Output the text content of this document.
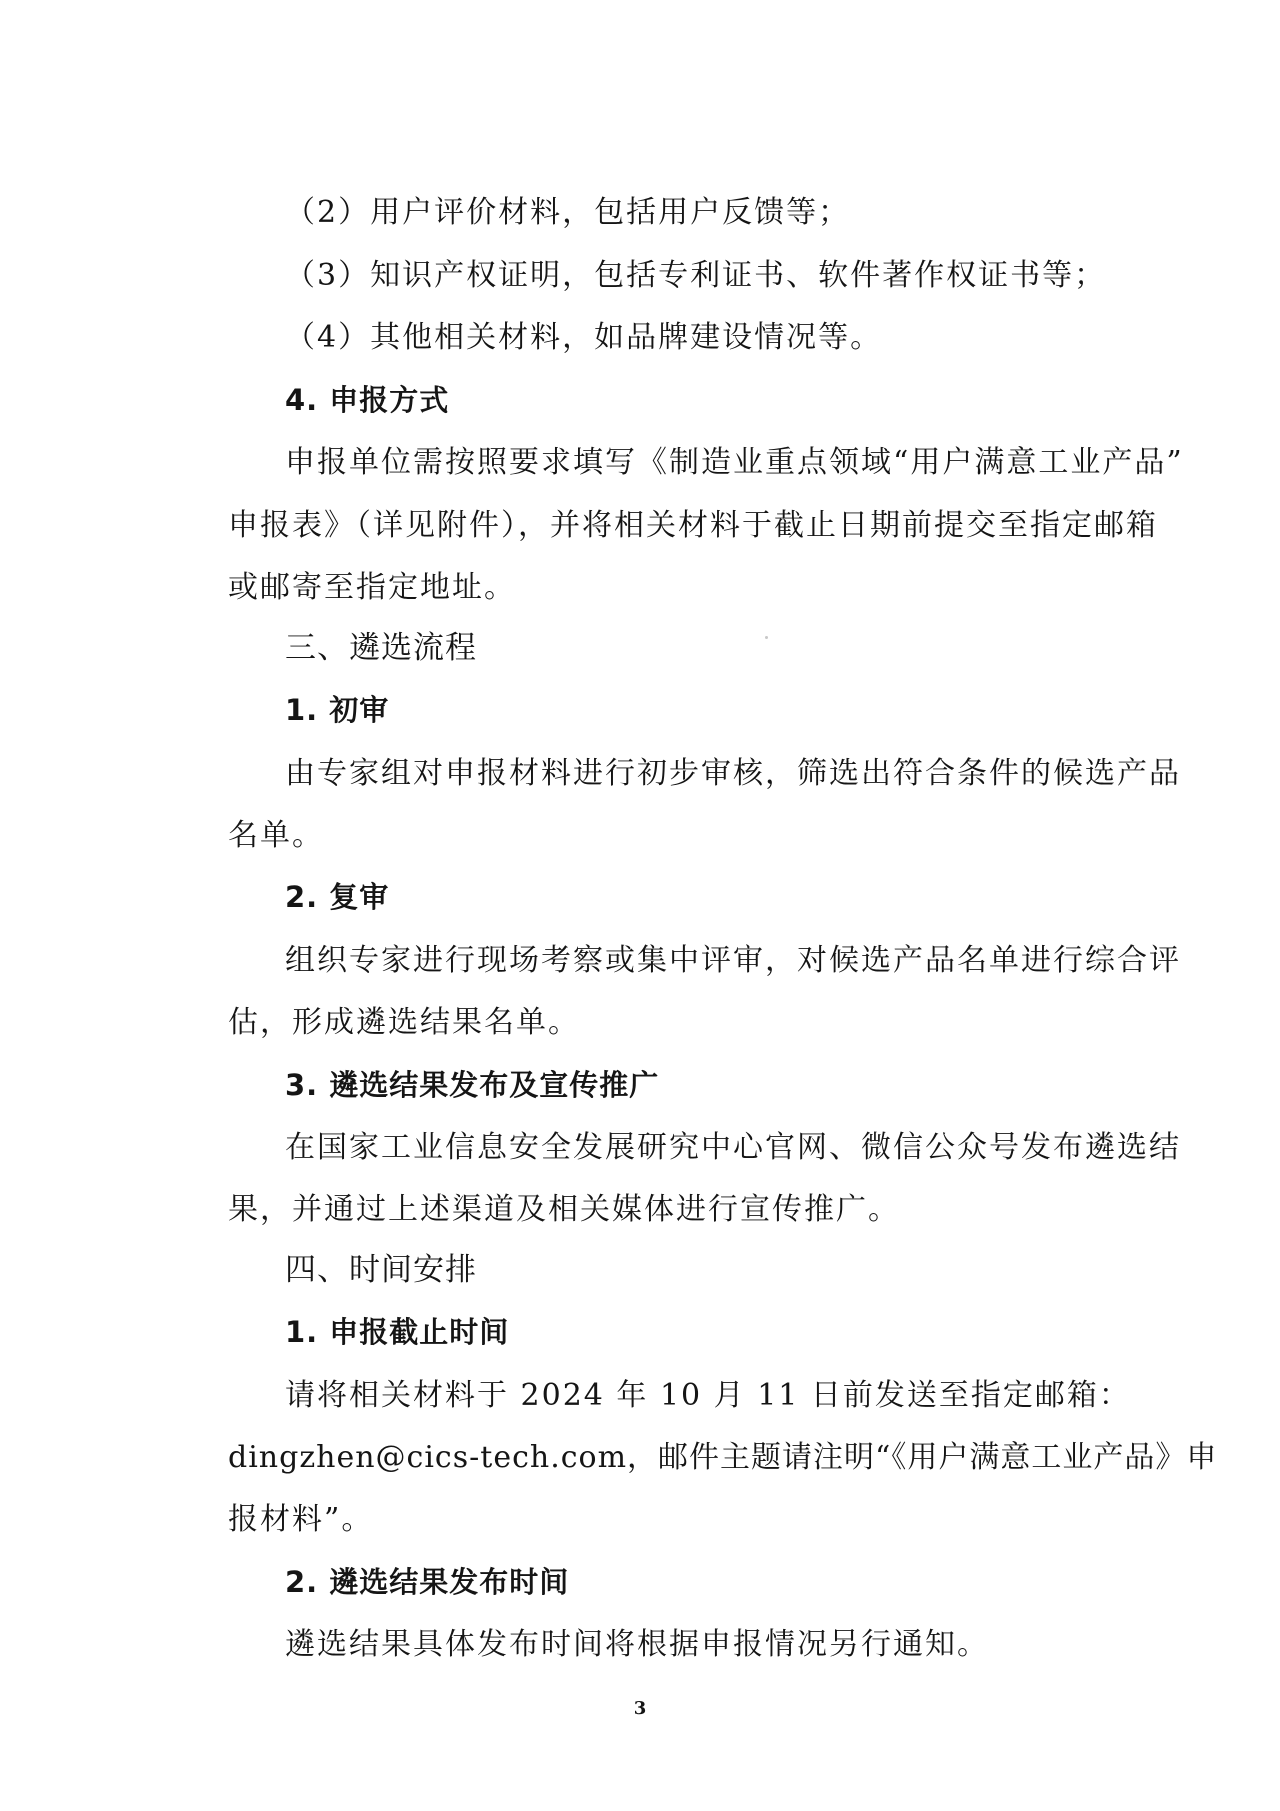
（2）用户评价材料，包括用户反馈等；
（3）知识产权证明，包括专利证书、软件著作权证书等；
（4）其他相关材料，如品牌建设情况等。
4. 申报方式
申报单位需按照要求填写《制造业重点领域“用户满意工业产品”
申报表》（详见附件），并将相关材料于截止日期前提交至指定邮箱
或邮寄至指定地址。
三、遴选流程
1. 初审
由专家组对申报材料进行初步审核，筛选出符合条件的候选产品
名单。
2. 复审
组织专家进行现场考察或集中评审，对候选产品名单进行综合评
估，形成遴选结果名单。
3. 遴选结果发布及宣传推广
在国家工业信息安全发展研究中心官网、微信公众号发布遴选结
果，并通过上述渠道及相关媒体进行宣传推广。
四、时间安排
1. 申报截止时间
请将相关材料于 2024 年 10 月 11 日前发送至指定邮箱：
dingzhen@cics-tech.com，邮件主题请注明“《用户满意工业产品》申
报材料”。
2. 遴选结果发布时间
遴选结果具体发布时间将根据申报情况另行通知。
3
